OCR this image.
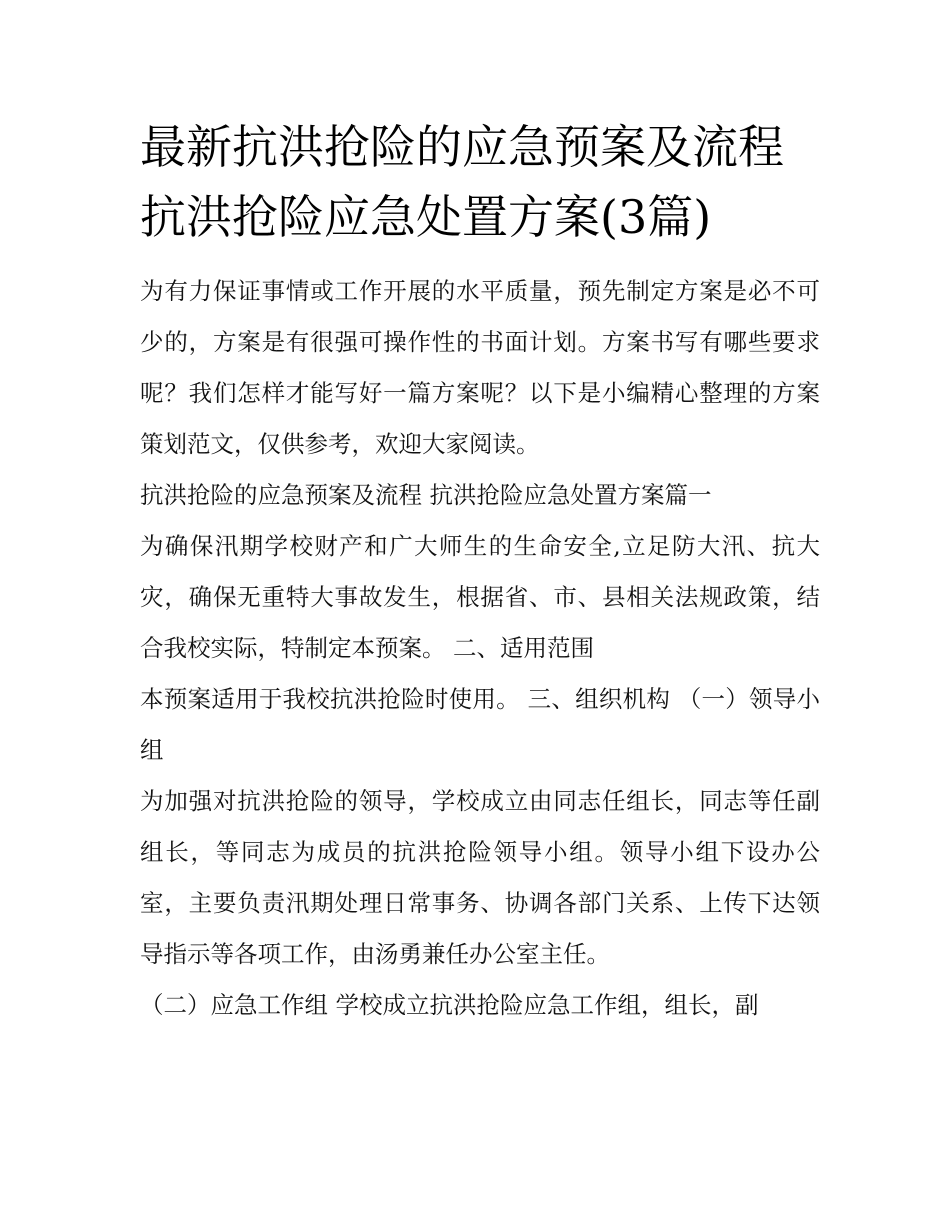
最新抗洪抢险的应急预案及流程 抗洪抢险应急处置方案(3篇)

为有力保证事情或工作开展的水平质量，预先制定方案是必不可少的，方案是有很强可操作性的书面计划。方案书写有哪些要求呢？我们怎样才能写好一篇方案呢？以下是小编精心整理的方案策划范文，仅供参考，欢迎大家阅读。

抗洪抢险的应急预案及流程 抗洪抢险应急处置方案篇一

为确保汛期学校财产和广大师生的生命安全,立足防大汛、抗大灾，确保无重特大事故发生，根据省、市、县相关法规政策，结合我校实际，特制定本预案。 二、适用范围

本预案适用于我校抗洪抢险时使用。 三、组织机构 （一）领导小组

为加强对抗洪抢险的领导，学校成立由同志任组长，同志等任副组长，等同志为成员的抗洪抢险领导小组。领导小组下设办公室，主要负责汛期处理日常事务、协调各部门关系、上传下达领导指示等各项工作，由汤勇兼任办公室主任。

（二）应急工作组 学校成立抗洪抢险应急工作组，组长，副
